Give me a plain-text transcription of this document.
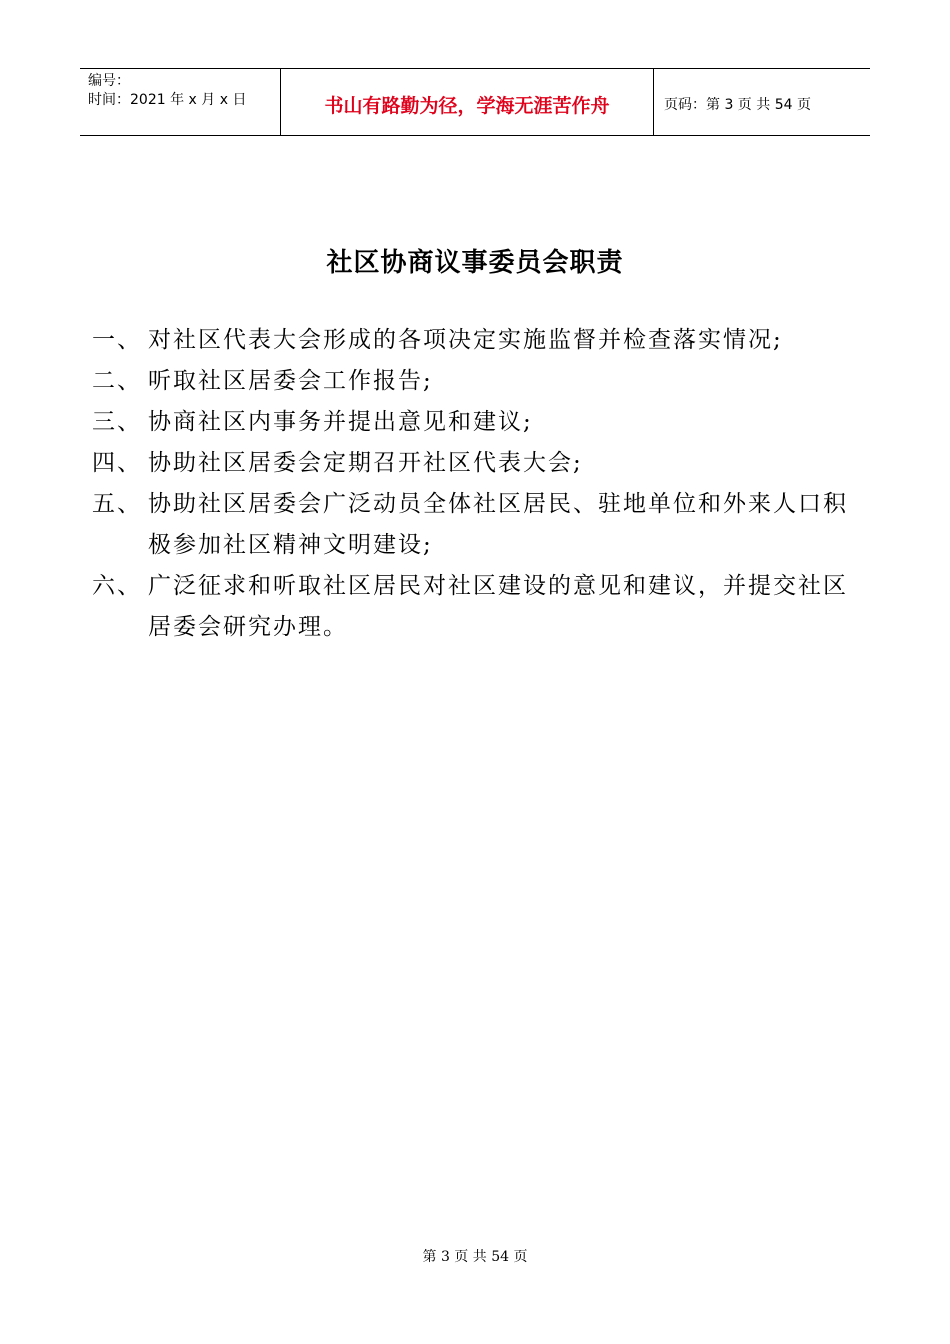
编号：
时间：2021 年 x 月 x 日	书山有路勤为径，学海无涯苦作舟	页码：第 3 页 共 54 页
社区协商议事委员会职责
一、 对社区代表大会形成的各项决定实施监督并检查落实情况;
二、 听取社区居委会工作报告;
三、 协商社区内事务并提出意见和建议;
四、 协助社区居委会定期召开社区代表大会;
五、 协助社区居委会广泛动员全体社区居民、驻地单位和外来人口积极参加社区精神文明建设;
六、 广泛征求和听取社区居民对社区建设的意见和建议，并提交社区居委会研究办理。
第 3 页 共 54 页
